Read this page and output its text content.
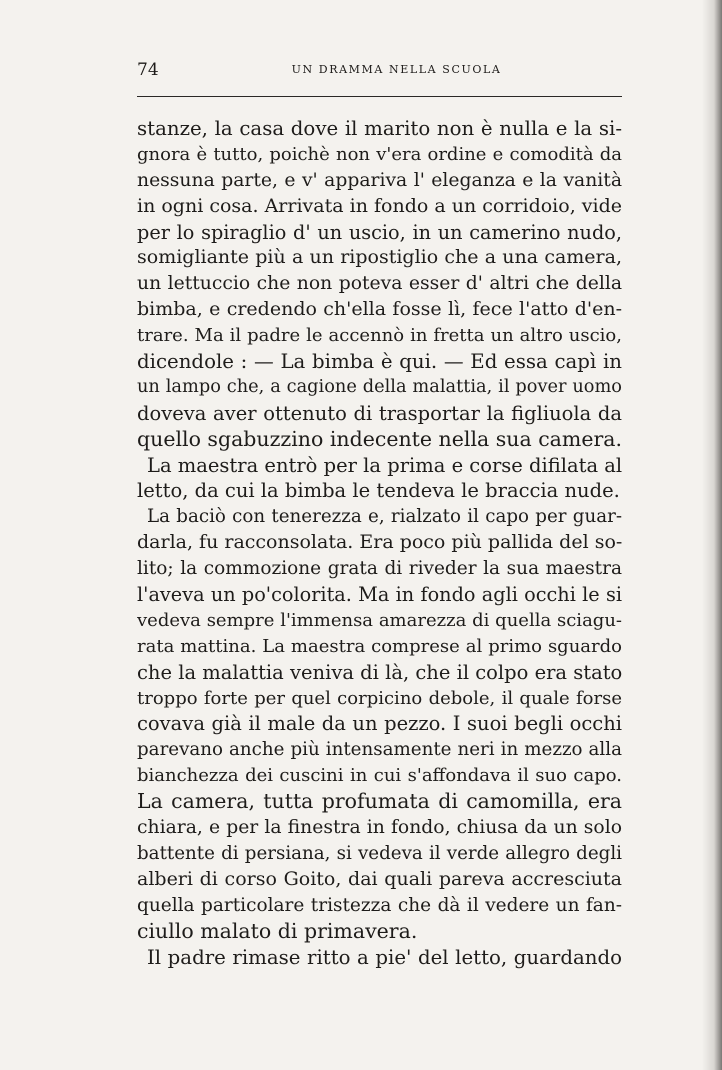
74	UN DRAMMA NELLA SCUOLA
stanze, la casa dove il marito non è nulla e la si-
gnora è tutto, poichè non v'era ordine e comodità da
nessuna parte, e v' appariva l' eleganza e la vanità
in ogni cosa. Arrivata in fondo a un corridoio, vide
per lo spiraglio d' un uscio, in un camerino nudo,
somigliante più a un ripostiglio che a una camera,
un lettuccio che non poteva esser d' altri che della
bimba, e credendo ch'ella fosse lì, fece l'atto d'en-
trare. Ma il padre le accennò in fretta un altro uscio,
dicendole : — La bimba è qui. — Ed essa capì in
un lampo che, a cagione della malattia, il pover uomo
doveva aver ottenuto di trasportar la figliuola da
quello sgabuzzino indecente nella sua camera.
La maestra entrò per la prima e corse difilata al
letto, da cui la bimba le tendeva le braccia nude.
La baciò con tenerezza e, rialzato il capo per guar-
darla, fu racconsolata. Era poco più pallida del so-
lito; la commozione grata di riveder la sua maestra
l'aveva un po'colorita. Ma in fondo agli occhi le si
vedeva sempre l'immensa amarezza di quella sciagu-
rata mattina. La maestra comprese al primo sguardo
che la malattia veniva di là, che il colpo era stato
troppo forte per quel corpicino debole, il quale forse
covava già il male da un pezzo. I suoi begli occhi
parevano anche più intensamente neri in mezzo alla
bianchezza dei cuscini in cui s'affondava il suo capo.
La camera, tutta profumata di camomilla, era
chiara, e per la finestra in fondo, chiusa da un solo
battente di persiana, si vedeva il verde allegro degli
alberi di corso Goito, dai quali pareva accresciuta
quella particolare tristezza che dà il vedere un fan-
ciullo malato di primavera.
Il padre rimase ritto a pie' del letto, guardando
